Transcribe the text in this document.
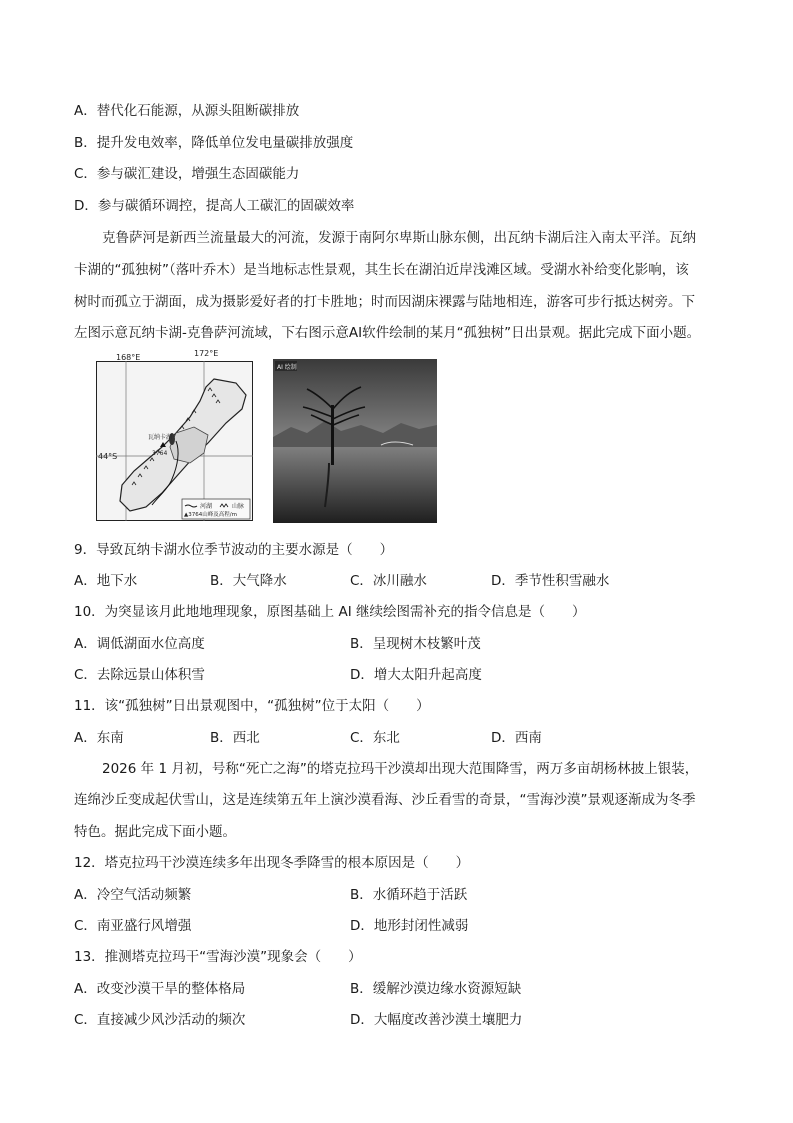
A．替代化石能源，从源头阻断碳排放
B．提升发电效率，降低单位发电量碳排放强度
C．参与碳汇建设，增强生态固碳能力
D．参与碳循环调控，提高人工碳汇的固碳效率
克鲁萨河是新西兰流量最大的河流，发源于南阿尔卑斯山脉东侧，出瓦纳卡湖后注入南太平洋。瓦纳
卡湖的“孤独树”（落叶乔木）是当地标志性景观，其生长在湖泊近岸浅滩区域。受湖水补给变化影响，该
树时而孤立于湖面，成为摄影爱好者的打卡胜地；时而因湖床裸露与陆地相连，游客可步行抵达树旁。下
左图示意瓦纳卡湖-克鲁萨河流域，下右图示意AI软件绘制的某月“孤独树”日出景观。据此完成下面小题。
168°E
44°S
瓦纳卡湖
3764
河湖	山脉
▲3764山峰及高程/m
172°E
AI 绘制
9．导致瓦纳卡湖水位季节波动的主要水源是（　　）
A．地下水	B．大气降水	C．冰川融水	D．季节性积雪融水
10．为突显该月此地地理现象，原图基础上 AI 继续绘图需补充的指令信息是（　　）
A．调低湖面水位高度	B．呈现树木枝繁叶茂
C．去除远景山体积雪	D．增大太阳升起高度
11．该“孤独树”日出景观图中，“孤独树”位于太阳（　　）
A．东南	B．西北	C．东北	D．西南
2026 年 1 月初，号称“死亡之海”的塔克拉玛干沙漠却出现大范围降雪，两万多亩胡杨林披上银装，
连绵沙丘变成起伏雪山，这是连续第五年上演沙漠看海、沙丘看雪的奇景，“雪海沙漠”景观逐渐成为冬季
特色。据此完成下面小题。
12．塔克拉玛干沙漠连续多年出现冬季降雪的根本原因是（　　）
A．冷空气活动频繁	B．水循环趋于活跃
C．南亚盛行风增强	D．地形封闭性减弱
13．推测塔克拉玛干“雪海沙漠”现象会（　　）
A．改变沙漠干旱的整体格局	B．缓解沙漠边缘水资源短缺
C．直接减少风沙活动的频次	D．大幅度改善沙漠土壤肥力
